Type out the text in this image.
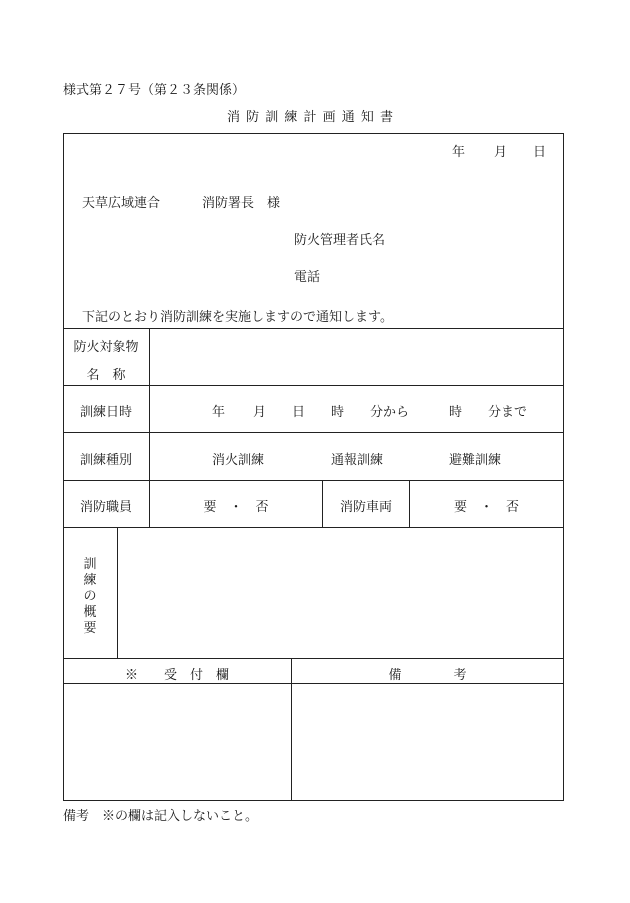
様式第２７号（第２３条関係）
消 防 訓 練 計 画 通 知 書
年 月 日
天草広域連合	消防署長 様
防火管理者氏名
電話
下記のとおり消防訓練を実施しますので通知します。
防火対象物
名　称
訓練日時	年 月 日 時 分から	時 分まで
訓練種別	消火訓練	通報訓練	避難訓練
消防職員	要　・　否	消防車両	要　・　否
訓
練
の
概
要
※　　受　付　欄	備　　　　考
備考　※の欄は記入しないこと。
